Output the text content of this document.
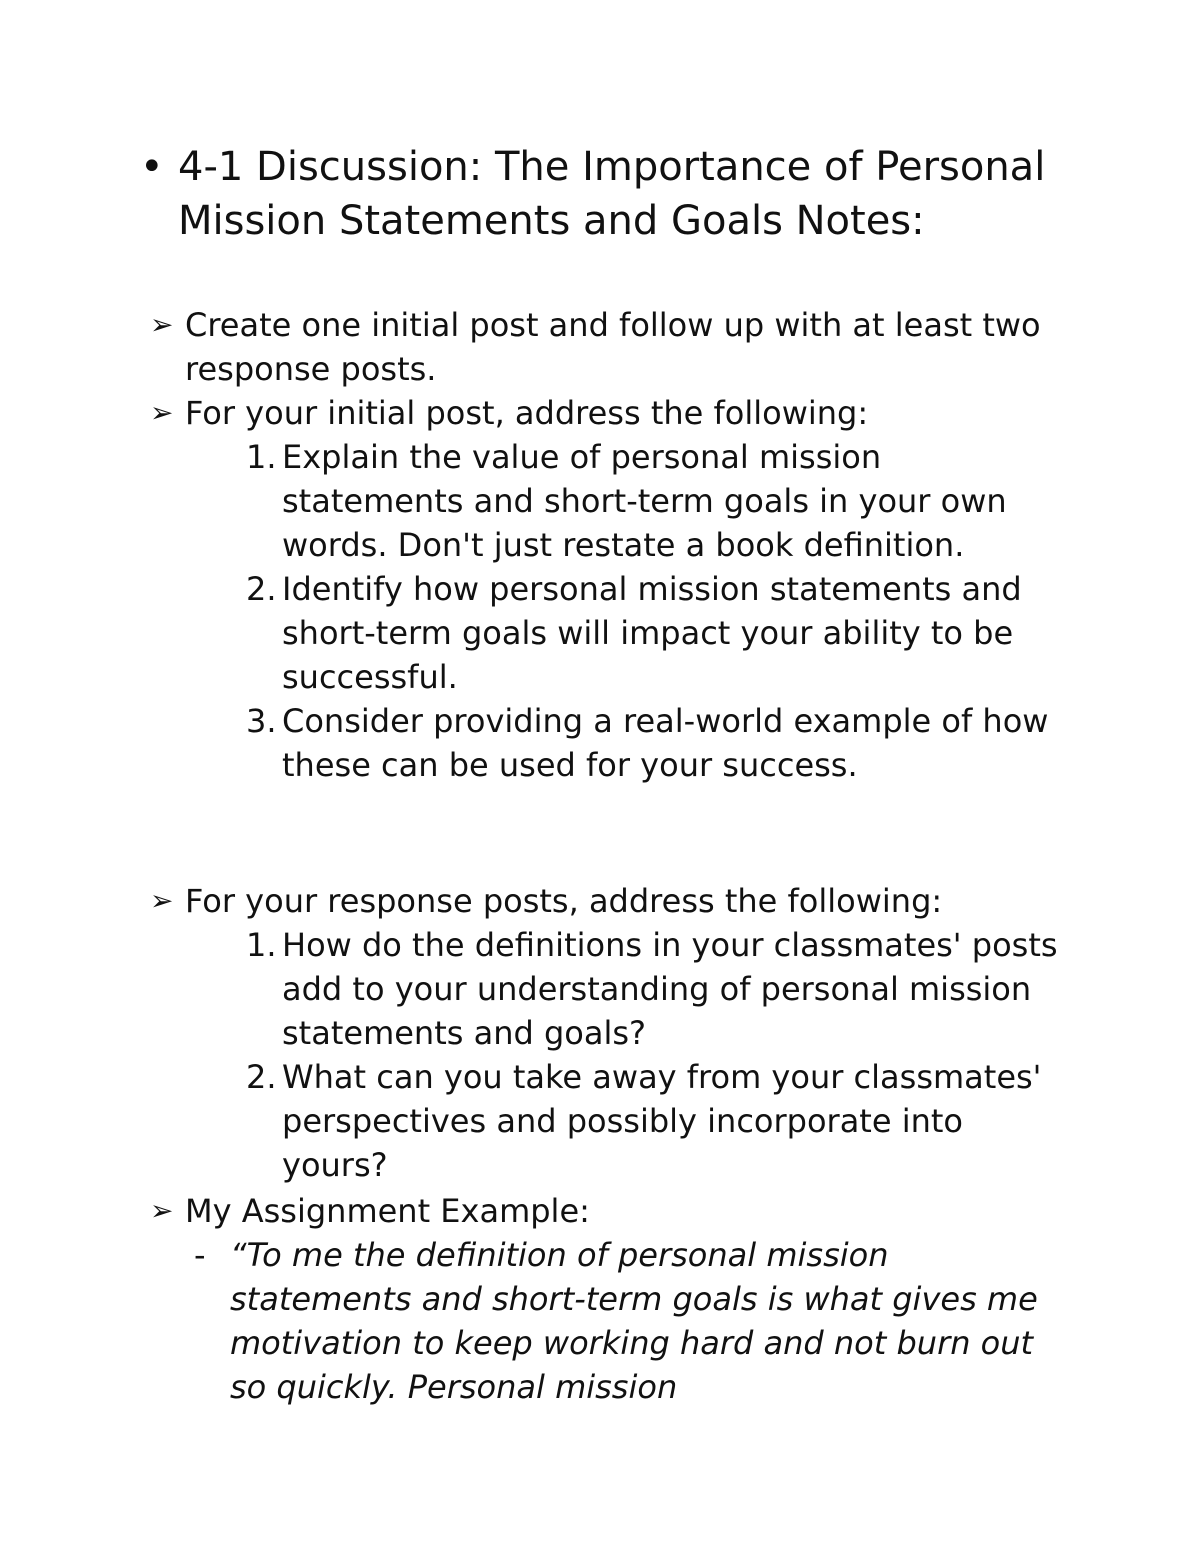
• 4-1 Discussion: The Importance of Personal Mission Statements and Goals Notes:
➢ Create one initial post and follow up with at least two response posts.
➢ For your initial post, address the following:
1. Explain the value of personal mission statements and short-term goals in your own words. Don't just restate a book definition.
2. Identify how personal mission statements and short-term goals will impact your ability to be successful.
3. Consider providing a real-world example of how these can be used for your success.
➢ For your response posts, address the following:
1. How do the definitions in your classmates' posts add to your understanding of personal mission statements and goals?
2. What can you take away from your classmates' perspectives and possibly incorporate into yours?
➢ My Assignment Example:
- “To me the definition of personal mission statements and short-term goals is what gives me motivation to keep working hard and not burn out so quickly. Personal mission
